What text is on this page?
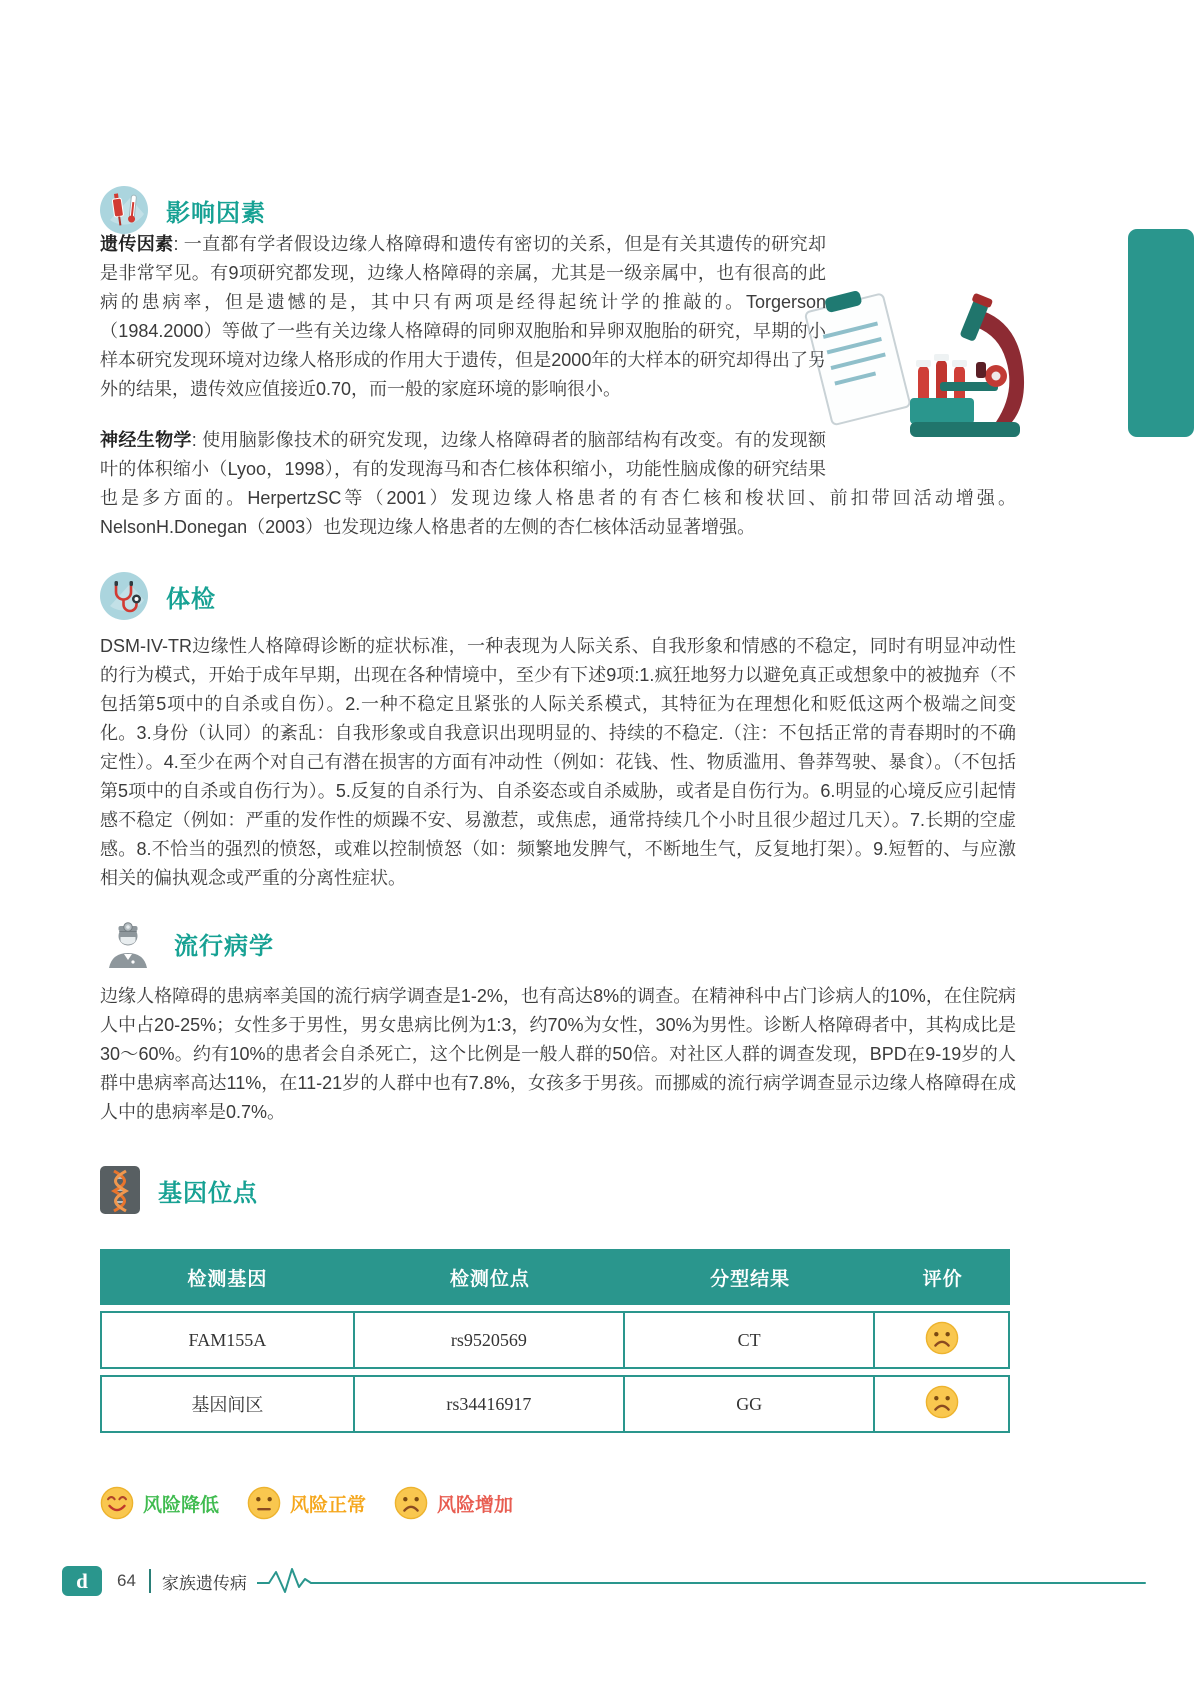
影响因素

遗传因素: 一直都有学者假设边缘人格障碍和遗传有密切的关系，但是有关其遗传的研究却是非常罕见。有9项研究都发现，边缘人格障碍的亲属，尤其是一级亲属中，也有很高的此病的患病率，但是遗憾的是，其中只有两项是经得起统计学的推敲的。Torgerson（1984.2000）等做了一些有关边缘人格障碍的同卵双胞胎和异卵双胞胎的研究，早期的小样本研究发现环境对边缘人格形成的作用大于遗传，但是2000年的大样本的研究却得出了另外的结果，遗传效应值接近0.70，而一般的家庭环境的影响很小。

神经生物学: 使用脑影像技术的研究发现，边缘人格障碍者的脑部结构有改变。有的发现额叶的体积缩小（Lyoo，1998），有的发现海马和杏仁核体积缩小，功能性脑成像的研究结果也是多方面的。HerpertzSC等（2001）发现边缘人格患者的有杏仁核和梭状回、前扣带回活动增强。NelsonH.Donegan（2003）也发现边缘人格患者的左侧的杏仁核体活动显著增强。

体检

DSM-IV-TR边缘性人格障碍诊断的症状标准，一种表现为人际关系、自我形象和情感的不稳定，同时有明显冲动性的行为模式，开始于成年早期，出现在各种情境中，至少有下述9项:1.疯狂地努力以避免真正或想象中的被抛弃（不包括第5项中的自杀或自伤）。2.一种不稳定且紧张的人际关系模式，其特征为在理想化和贬低这两个极端之间变化。3.身份（认同）的紊乱：自我形象或自我意识出现明显的、持续的不稳定.（注：不包括正常的青春期时的不确定性）。4.至少在两个对自己有潜在损害的方面有冲动性（例如：花钱、性、物质滥用、鲁莽驾驶、暴食）。（不包括第5项中的自杀或自伤行为）。5.反复的自杀行为、自杀姿态或自杀威胁，或者是自伤行为。6.明显的心境反应引起情感不稳定（例如：严重的发作性的烦躁不安、易激惹，或焦虑，通常持续几个小时且很少超过几天）。7.长期的空虚感。8.不恰当的强烈的愤怒，或难以控制愤怒（如：频繁地发脾气，不断地生气，反复地打架）。9.短暂的、与应激相关的偏执观念或严重的分离性症状。

流行病学

边缘人格障碍的患病率美国的流行病学调查是1-2%，也有高达8%的调查。在精神科中占门诊病人的10%，在住院病人中占20-25%；女性多于男性，男女患病比例为1:3，约70%为女性，30%为男性。诊断人格障碍者中，其构成比是30～60%。约有10%的患者会自杀死亡，这个比例是一般人群的50倍。对社区人群的调查发现，BPD在9-19岁的人群中患病率高达11%，在11-21岁的人群中也有7.8%，女孩多于男孩。而挪威的流行病学调查显示边缘人格障碍在成人中的患病率是0.7%。

基因位点
检测基因	检测位点	分型结果	评价
FAM155A	rs9520569	CT	
基因间区	rs34416917	GG	
风险降低	风险正常	风险增加
d	64 家族遗传病
